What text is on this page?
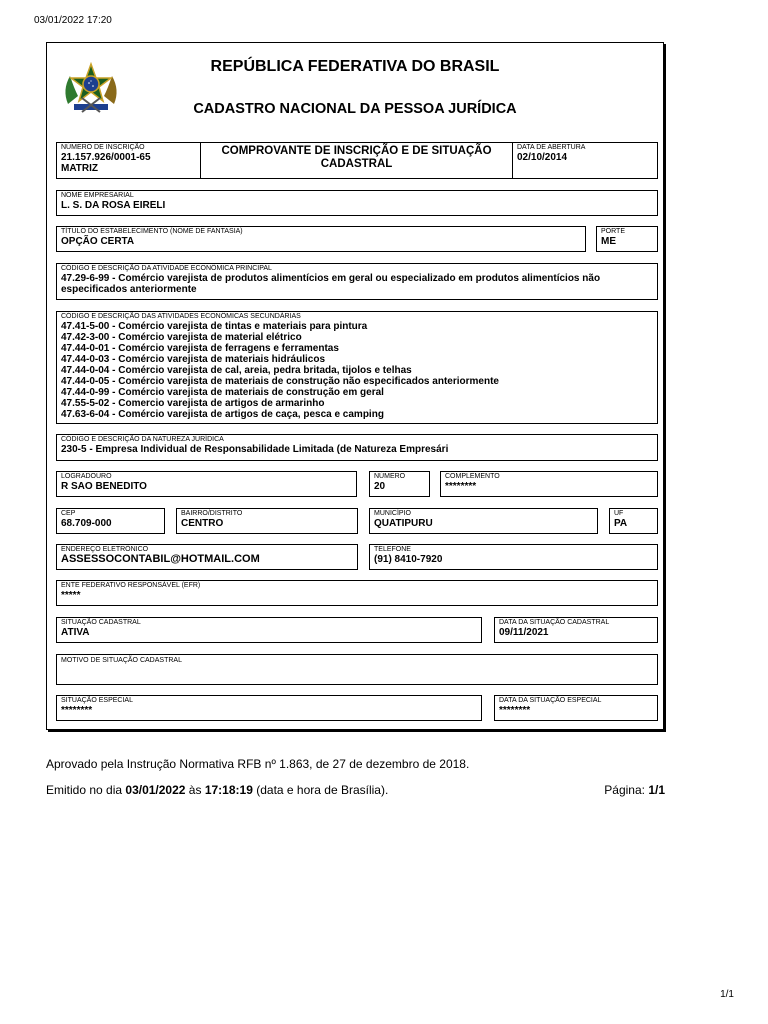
03/01/2022 17:20
REPÚBLICA FEDERATIVA DO BRASIL
CADASTRO NACIONAL DA PESSOA JURÍDICA
NÚMERO DE INSCRIÇÃO
21.157.926/0001-65
MATRIZ
COMPROVANTE DE INSCRIÇÃO E DE SITUAÇÃO CADASTRAL
DATA DE ABERTURA
02/10/2014
NOME EMPRESARIAL
L. S. DA ROSA EIRELI
TÍTULO DO ESTABELECIMENTO (NOME DE FANTASIA)
OPÇÃO CERTA
PORTE
ME
CÓDIGO E DESCRIÇÃO DA ATIVIDADE ECONÔMICA PRINCIPAL
47.29-6-99 - Comércio varejista de produtos alimentícios em geral ou especializado em produtos alimentícios não especificados anteriormente
CÓDIGO E DESCRIÇÃO DAS ATIVIDADES ECONÔMICAS SECUNDÁRIAS
47.41-5-00 - Comércio varejista de tintas e materiais para pintura
47.42-3-00 - Comércio varejista de material elétrico
47.44-0-01 - Comércio varejista de ferragens e ferramentas
47.44-0-03 - Comércio varejista de materiais hidráulicos
47.44-0-04 - Comércio varejista de cal, areia, pedra britada, tijolos e telhas
47.44-0-05 - Comércio varejista de materiais de construção não especificados anteriormente
47.44-0-99 - Comércio varejista de materiais de construção em geral
47.55-5-02 - Comercio varejista de artigos de armarinho
47.63-6-04 - Comércio varejista de artigos de caça, pesca e camping
CÓDIGO E DESCRIÇÃO DA NATUREZA JURÍDICA
230-5 - Empresa Individual de Responsabilidade Limitada (de Natureza Empresári
LOGRADOURO
R SAO BENEDITO
NÚMERO
20
COMPLEMENTO
********
CEP
68.709-000
BAIRRO/DISTRITO
CENTRO
MUNICÍPIO
QUATIPURU
UF
PA
ENDEREÇO ELETRÔNICO
ASSESSOCONTABIL@HOTMAIL.COM
TELEFONE
(91) 8410-7920
ENTE FEDERATIVO RESPONSÁVEL (EFR)
*****
SITUAÇÃO CADASTRAL
ATIVA
DATA DA SITUAÇÃO CADASTRAL
09/11/2021
MOTIVO DE SITUAÇÃO CADASTRAL
SITUAÇÃO ESPECIAL
********
DATA DA SITUAÇÃO ESPECIAL
********
Aprovado pela Instrução Normativa RFB nº 1.863, de 27 de dezembro de 2018.
Emitido no dia 03/01/2022 às 17:18:19 (data e hora de Brasília).	Página: 1/1
1/1
